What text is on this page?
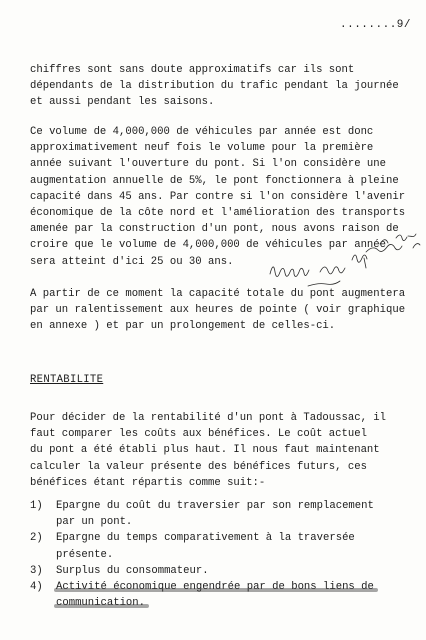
........9/
chiffres sont sans doute approximatifs car ils sont
dépendants de la distribution du trafic pendant la journée
et aussi pendant les saisons.
Ce volume de 4,000,000 de véhicules par année est donc
approximativement neuf fois le volume pour la première
année suivant l'ouverture du pont. Si l'on considère une
augmentation annuelle de 5%, le pont fonctionnera à pleine
capacité dans 45 ans. Par contre si l'on considère l'avenir
économique de la côte nord et l'amélioration des transports
amenée par la construction d'un pont, nous avons raison de
croire que le volume de 4,000,000 de véhicules par année
sera atteint d'ici 25 ou 30 ans.
A partir de ce moment la capacité totale du pont augmentera
par un ralentissement aux heures de pointe ( voir graphique
en annexe ) et par un prolongement de celles-ci.
RENTABILITE
Pour décider de la rentabilité d'un pont à Tadoussac, il
faut comparer les coûts aux bénéfices. Le coût actuel
du pont a été établi plus haut. Il nous faut maintenant
calculer la valeur présente des bénéfices futurs, ces
bénéfices étant répartis comme suit:-
1) Epargne du coût du traversier par son remplacement
par un pont.
2) Epargne du temps comparativement à la traversée
présente.
3) Surplus du consommateur.
4) Activité économique engendrée par de bons liens de
communication.
